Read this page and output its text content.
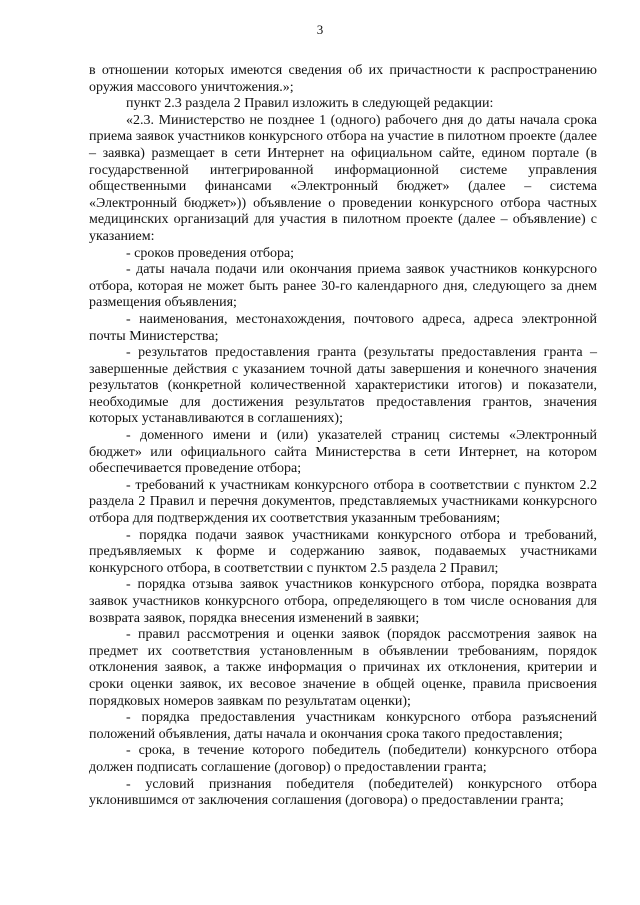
3

в отношении которых имеются сведения об их причастности к распространению оружия массового уничтожения.»;

пункт 2.3 раздела 2 Правил изложить в следующей редакции:

«2.3. Министерство не позднее 1 (одного) рабочего дня до даты начала срока приема заявок участников конкурсного отбора на участие в пилотном проекте (далее – заявка) размещает в сети Интернет на официальном сайте, едином портале (в государственной интегрированной информационной системе управления общественными финансами «Электронный бюджет» (далее – система «Электронный бюджет»)) объявление о проведении конкурсного отбора частных медицинских организаций для участия в пилотном проекте (далее – объявление) с указанием:

- сроков проведения отбора;

- даты начала подачи или окончания приема заявок участников конкурсного отбора, которая не может быть ранее 30-го календарного дня, следующего за днем размещения объявления;

- наименования, местонахождения, почтового адреса, адреса электронной почты Министерства;

- результатов предоставления гранта (результаты предоставления гранта – завершенные действия с указанием точной даты завершения и конечного значения результатов (конкретной количественной характеристики итогов) и показатели, необходимые для достижения результатов предоставления грантов, значения которых устанавливаются в соглашениях);

- доменного имени и (или) указателей страниц системы «Электронный бюджет» или официального сайта Министерства в сети Интернет, на котором обеспечивается проведение отбора;

- требований к участникам конкурсного отбора в соответствии с пунктом 2.2 раздела 2 Правил и перечня документов, представляемых участниками конкурсного отбора для подтверждения их соответствия указанным требованиям;

- порядка подачи заявок участниками конкурсного отбора и требований, предъявляемых к форме и содержанию заявок, подаваемых участниками конкурсного отбора, в соответствии с пунктом 2.5 раздела 2 Правил;

- порядка отзыва заявок участников конкурсного отбора, порядка возврата заявок участников конкурсного отбора, определяющего в том числе основания для возврата заявок, порядка внесения изменений в заявки;

- правил рассмотрения и оценки заявок (порядок рассмотрения заявок на предмет их соответствия установленным в объявлении требованиям, порядок отклонения заявок, а также информация о причинах их отклонения, критерии и сроки оценки заявок, их весовое значение в общей оценке, правила присвоения порядковых номеров заявкам по результатам оценки);

- порядка предоставления участникам конкурсного отбора разъяснений положений объявления, даты начала и окончания срока такого предоставления;

- срока, в течение которого победитель (победители) конкурсного отбора должен подписать соглашение (договор) о предоставлении гранта;

- условий признания победителя (победителей) конкурсного отбора уклонившимся от заключения соглашения (договора) о предоставлении гранта;
